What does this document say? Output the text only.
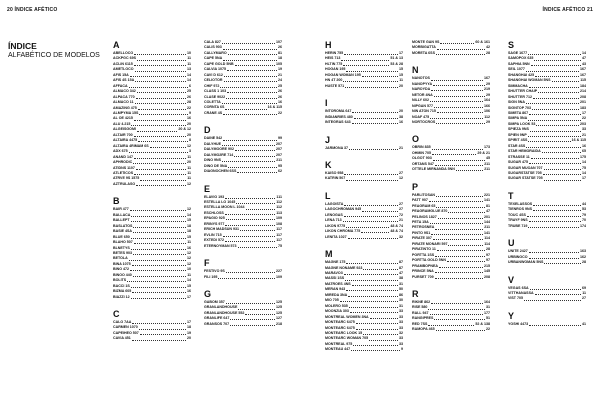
20 ÍNDICE AFÉTICO	ÍNDICE AFÉTICO 21
ÍNDICE
ALFABÉTICO DE MODELOS
A
ABELLOCO	10
ACKPGC 69S	11
ACLIN 6115	11
AMETLOCO	13
AFIS 15A	14
AFIS 4S 15A	14
AFFACA	6
ALMACO 342	25
ALPACA 770	26
ALMACO 11	28
AMAZING 475	22
ALMPYMA 15S	9
AL OE 4215	16
ALU 4.215	20
ALGEISGOMI	20 & 12
ALTAIR 700	20
ALTAIRA 4475	8
ALTAIRA 4RIMAM 6S	12
ADX 675	3
ANAND 147	11
APHRODIC	20
ATIDNS 1107	11
ATLETICOS	11
ATRVE 9S 1575	11
AZTRULASO	12
B
BAIR 477	12
BALLACA	14
BALLEPT	15
BASLATOS	18
BASIE 4SA	18
BLUE 650	15
BLAHO 507	11
BLNETYS	16
BETES 903	12
BETOLA	12
BINA 1075	12
BINO 472	10
BINOO 440	11
BOLITS	14
BACCI 1S	15
BIZMA 605	16
BIAZZI 12	17
C
CALO 7AA	17
CARMEN 1070	18
CAPEIHEO 507	19
CAVIA 451	20
CALA 827	107
CALIS 903	26
CALLYMARO	81
CAPE 5NA	18
CAPE GOLD 5NB	105
CALVIA 1075	19
CAVI D 612	21
CELIOTOR	24
CHIF 972	25
CLASS 1 103	26
CLASE 9022	26
COLETTA	16
CORNTA 6S	16 & 115
CRANE 4S	22
D
DAINE 542	99
DALYHUE	207
DALYMOORE 902	207
DALYMO2RE 714	207
DINO 9NS	211
DINO DE 5NA	95
DIAGNOCHEN 6SS	62
E
ELAVIO 193	111
ESTELLA LO 1045	112
ESTELLA MOON L 1044	112
ESCHLOSS	113
EPAGIO 925	109
ERINYS 977	108
ERICH MADSUN 931	117
EVLIN 715	117
EXTEDI 572	117
ETERNOYMAN 573	75
F
FESTIVO 9S	227
FILI 195	109
G
GABOM 357	125
GRANLANDHOUSE	125
GRANLANDHOUSE 552	125
GRANLIFE 647	127
GRANSOS 707	218
H
HERIN 755	17
HEIS 713	51 & 13
HLTIN 775	53 & 28
HOGAN 195	15
HOGAN WOMAN 195	15
HN 4T 200	11
HUSTE 571	20
I
INTOROMA 647	20
INDIANRIES 480	38
INTEGRAS 643	16
J
JARMONA 37	21
K
KAISO 958	27
KATRIN 507	12
L
LAGOISTA	27
LAGOCHROMAN 945	27
LENOGAS	72
LENA 713	21
LIKON 9775	48 & 74
LIKON CHROMA 775	48 & 74
LENITA 1027	32
M
MAGNE 175	87
MAGNE NONAME 923	87
MARAVO3	47
MASSI 1SS	38
MATROES 4NS	31
MERAN 943	50
MIREDA 3NA	86
MIO 705	30
MOLERO 535	31
MOONZIA 303	33
MONTREAL WOMEN 3NA	33
MONTEARC 6475	33
MONTEARC 6475	33
MONTEARC LOOK 15	32
MONTEARC WOMAN 705	33
MONTREAL 975	33
MONTEAU 447	9
MONTE GAN 9S	60 & 161
MORBIGATTA	42
MORETA 6SS	28
N
NANOTOS	167
NANOPYYA	29
NAROYDA	219
NETOR 4NA	29
NILLY 602	164
NIPGAN 577	166
NIN ATON 715	106
NOAF 475	112
NORTOCROS	29
O
OBRIN 835	173
OHMIN 705	29 & 21
OLGOT 903	45
ORTANS 547	211
OTTELE MIRNANDA 5NN	211
P
PARLITOSAN	221
PATT 907	141
PEAGRAM 65	81
PEAGRAMGLUE 870	47
PELINOS 1827	201
PETA 15A	144
PETROSNEA	211
PINTO 9S1	141
PIRATE 307	114
PIRATE MONARI 597	114
PIRATINTO 11	28
PORTTA 1SS	97
PORTTA GOLD 5NN	97
PRAMBOPNEA	215
PRINCE 5NA	145
PURSET 709	208
R
RIKNE 862	164
RISE 580	31
RALL 947	177
RANGIPRES	51
RED 7SS	52 & 138
RAMOPA 465	22
S
SAGE 1677	14
SAMOPOX 635	47
SAPHIA 5NN	43
SEIL 1077	167
SHANGHAI 425	167
SHANGHAI WOMAN 5NS	115
SIMMACHA	184
SHUTTER CHAIP	214
SHUTTER 712	208
SIGN 5NA	201
SIGNTOP 703	183
SIMETA 867	17
SIMPA 5NA	22
SIMPA LOOK 53	203
SPIEZA 9NS	33
SPIEN 9NP	21
SPIRIT 4SS	16 & 115
STAR 4SS	16
STAR HEMORAIDA	65
STRASSE 11	175
SUGAR 475	14
SUGAR MUOAN 707	75
SUGARSTATSE 705	14
SUGAR STATSE 705	17
T
TEXELASSOS	44
TIENROS 9NS	53
TOUC 4SS	79
TRAYF 9NS	70
TRUBE 719	174
U
UNITE 2427	163
URBINOCO	162
URBANWOMAN 5NS	28
V
VEGAS 6SA	69
VITTHANASSA	11
VIST 705	27
Y
YOSHI 4473	41
